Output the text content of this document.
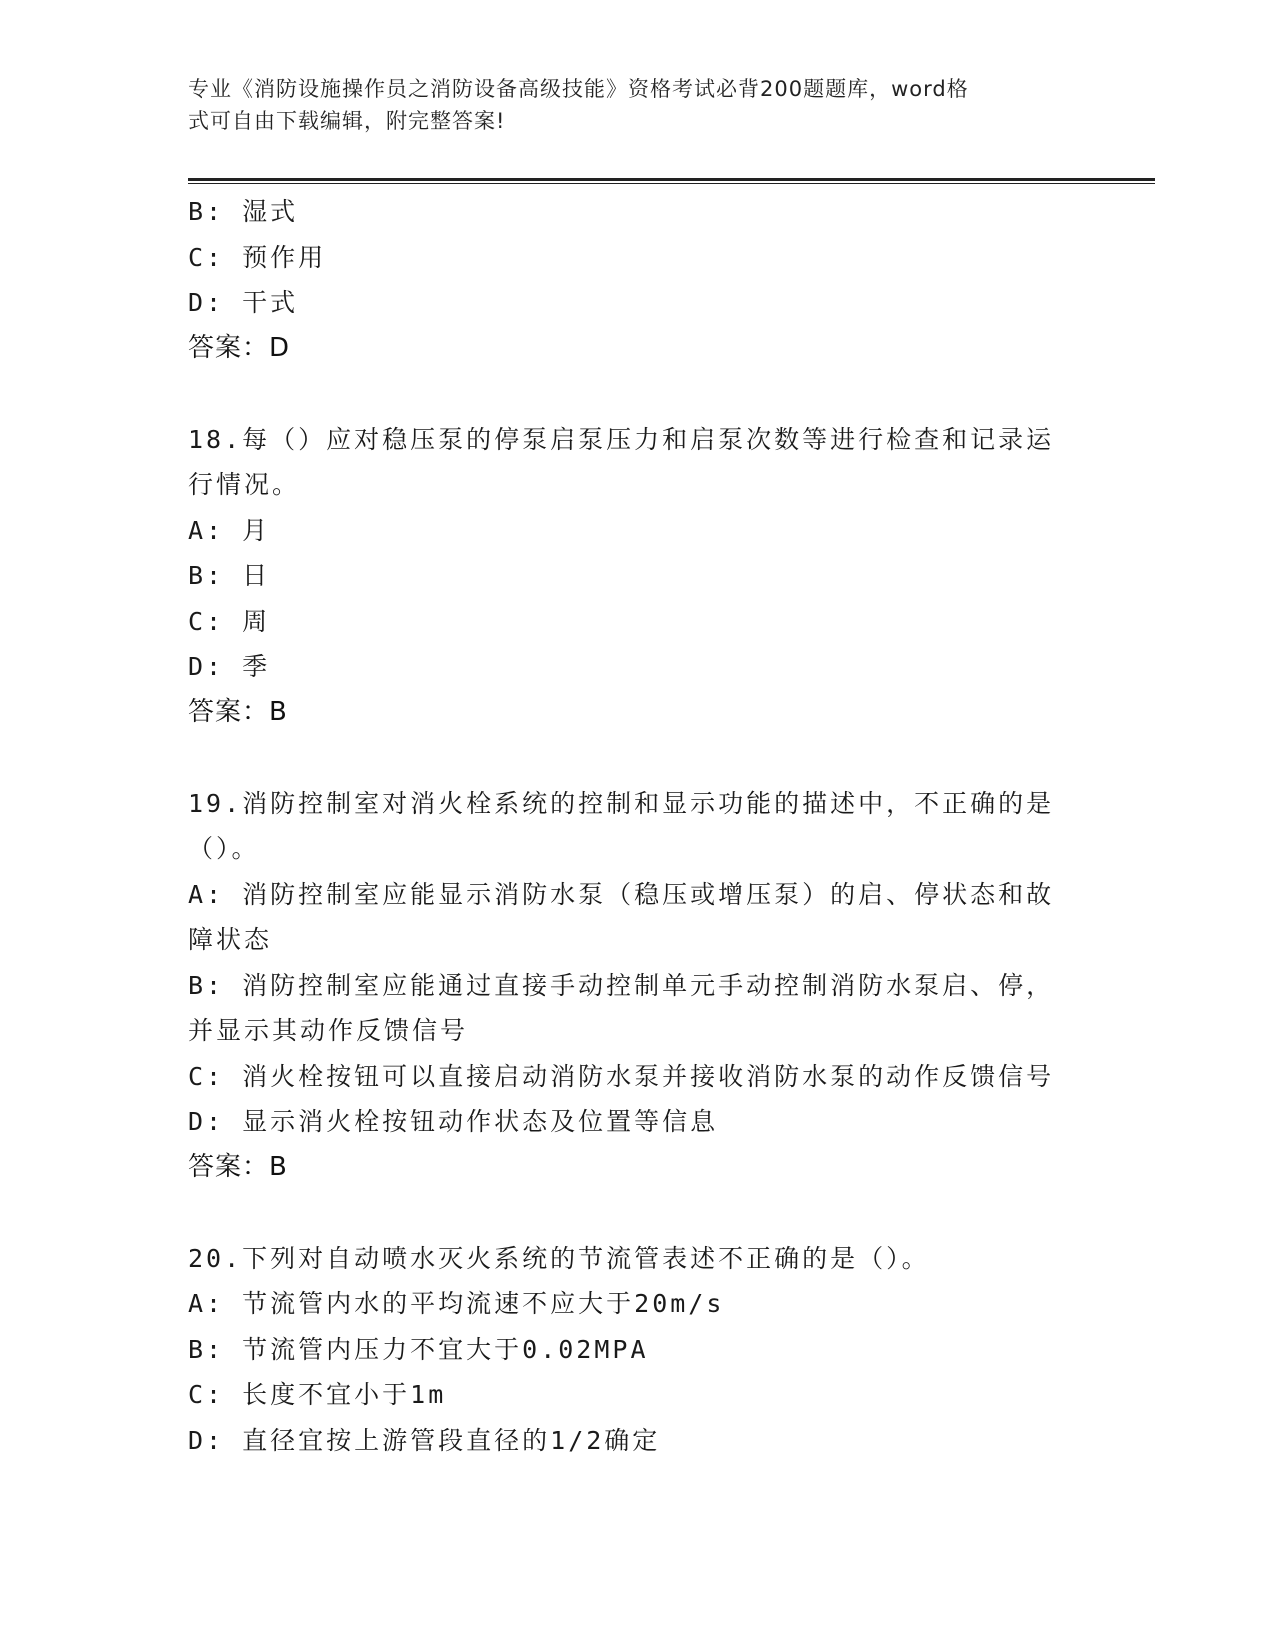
专业《消防设施操作员之消防设备高级技能》资格考试必背200题题库，word格
式可自由下载编辑，附完整答案!
B: 湿式
C: 预作用
D: 干式
答案：D
18.每（）应对稳压泵的停泵启泵压力和启泵次数等进行检查和记录运
行情况。
A: 月
B: 日
C: 周
D: 季
答案：B
19.消防控制室对消火栓系统的控制和显示功能的描述中，不正确的是
（）。
A: 消防控制室应能显示消防水泵（稳压或增压泵）的启、停状态和故
障状态
B: 消防控制室应能通过直接手动控制单元手动控制消防水泵启、停，
并显示其动作反馈信号
C: 消火栓按钮可以直接启动消防水泵并接收消防水泵的动作反馈信号
D: 显示消火栓按钮动作状态及位置等信息
答案：B
20.下列对自动喷水灭火系统的节流管表述不正确的是（）。
A: 节流管内水的平均流速不应大于20m/s
B: 节流管内压力不宜大于0.02MPA
C: 长度不宜小于1m
D: 直径宜按上游管段直径的1/2确定
